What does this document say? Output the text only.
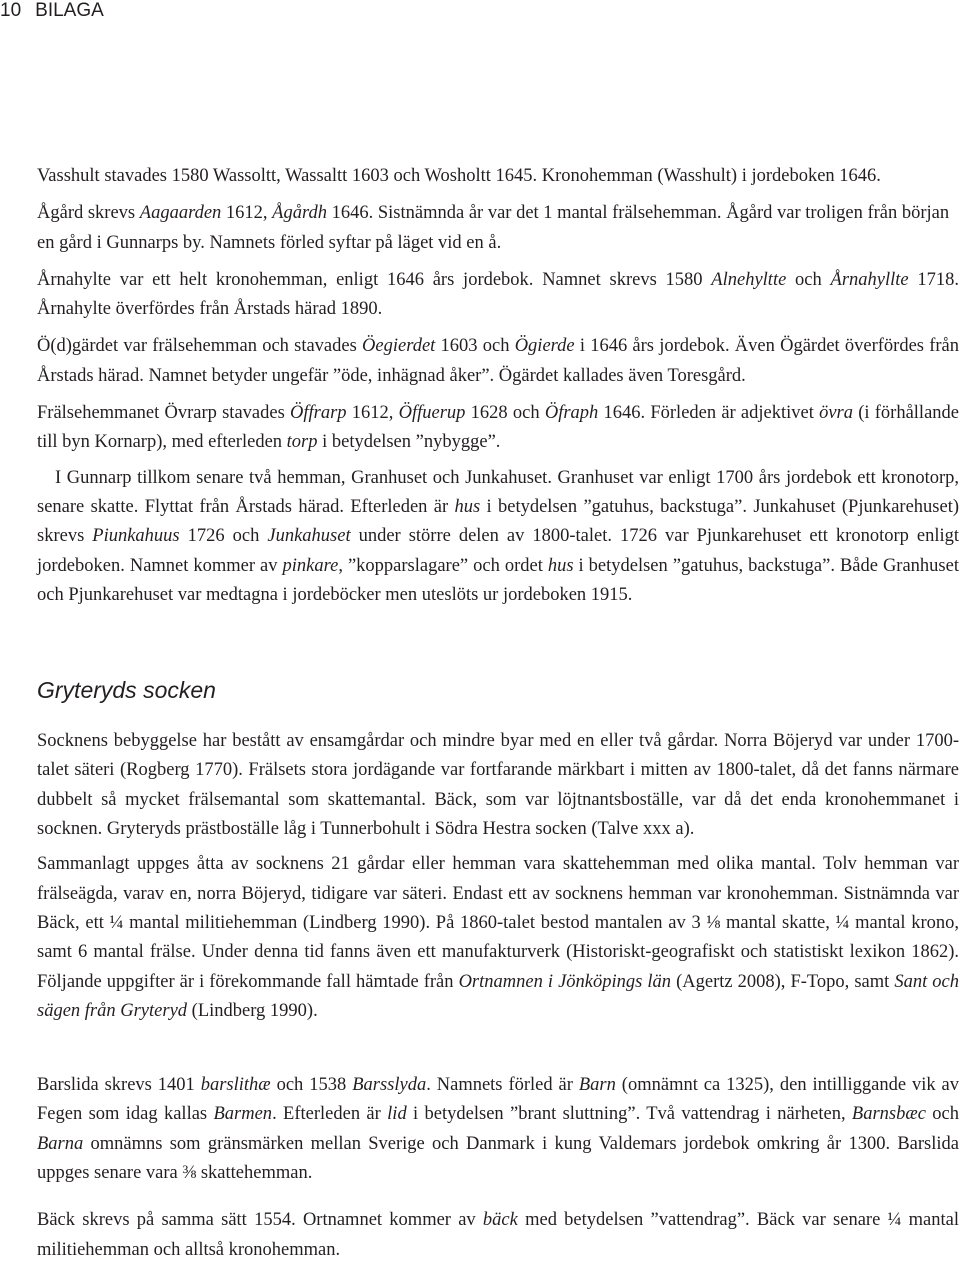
10 BILAGA

Vasshult stavades 1580 Wassoltt, Wassaltt 1603 och Wosholtt 1645. Kronohemman (Wasshult) i jordeboken 1646.

Ågård skrevs Aagaarden 1612, Ågårdh 1646. Sistnämnda år var det 1 mantal frälsehemman. Ågård var troligen från början en gård i Gunnarps by. Namnets förled syftar på läget vid en å.

Årnahylte var ett helt kronohemman, enligt 1646 års jordebok. Namnet skrevs 1580 Alnehyltte och Årnahyllte 1718. Årnahylte överfördes från Årstads härad 1890.

Ö(d)gärdet var frälsehemman och stavades Öegierdet 1603 och Ögierde i 1646 års jordebok. Även Ögärdet överfördes från Årstads härad. Namnet betyder ungefär ”öde, inhägnad åker”. Ögärdet kallades även Toresgård.

Frälsehemmanet Övrarp stavades Öffrarp 1612, Öffuerup 1628 och Öfraph 1646. Förleden är adjektivet övra (i förhållande till byn Kornarp), med efterleden torp i betydelsen ”nybygge”.

I Gunnarp tillkom senare två hemman, Granhuset och Junkahuset. Granhuset var enligt 1700 års jordebok ett kronotorp, senare skatte. Flyttat från Årstads härad. Efterleden är hus i betydelsen ”gatuhus, backstuga”. Junkahuset (Pjunkarehuset) skrevs Piunkahuus 1726 och Junkahuset under större delen av 1800-talet. 1726 var Pjunkarehuset ett kronotorp enligt jordeboken. Namnet kommer av pinkare, ”kopparslagare” och ordet hus i betydelsen ”gatuhus, backstuga”. Både Granhuset och Pjunkarehuset var medtagna i jordeböcker men uteslöts ur jordeboken 1915.

Gryteryds socken

Socknens bebyggelse har bestått av ensamgårdar och mindre byar med en eller två gårdar. Norra Böjeryd var under 1700-talet säteri (Rogberg 1770). Frälsets stora jordägande var fortfarande märkbart i mitten av 1800-talet, då det fanns närmare dubbelt så mycket frälsemantal som skattemantal. Bäck, som var löjtnantsboställe, var då det enda kronohemmanet i socknen. Gryteryds prästboställe låg i Tunnerbohult i Södra Hestra socken (Talve xxx a).

Sammanlagt uppges åtta av socknens 21 gårdar eller hemman vara skattehemman med olika mantal. Tolv hemman var frälseägda, varav en, norra Böjeryd, tidigare var säteri. Endast ett av socknens hemman var kronohemman. Sistnämnda var Bäck, ett ¼ mantal militiehemman (Lindberg 1990). På 1860-talet bestod mantalen av 3 ⅛ mantal skatte, ¼ mantal krono, samt 6 mantal frälse. Under denna tid fanns även ett manufakturverk (Historiskt-geografiskt och statistiskt lexikon 1862). Följande uppgifter är i förekommande fall hämtade från Ortnamnen i Jönköpings län (Agertz 2008), F-Topo, samt Sant och sägen från Gryteryd (Lindberg 1990).

Barslida skrevs 1401 barslithæ och 1538 Barsslyda. Namnets förled är Barn (omnämnt ca 1325), den intilliggande vik av Fegen som idag kallas Barmen. Efterleden är lid i betydelsen ”brant sluttning”. Två vattendrag i närheten, Barnsbæc och Barna omnämns som gränsmärken mellan Sverige och Danmark i kung Valdemars jordebok omkring år 1300. Barslida uppges senare vara ⅜ skattehemman.

Bäck skrevs på samma sätt 1554. Ortnamnet kommer av bäck med betydelsen ”vattendrag”. Bäck var senare ¼ mantal militiehemman och alltså kronohemman.
